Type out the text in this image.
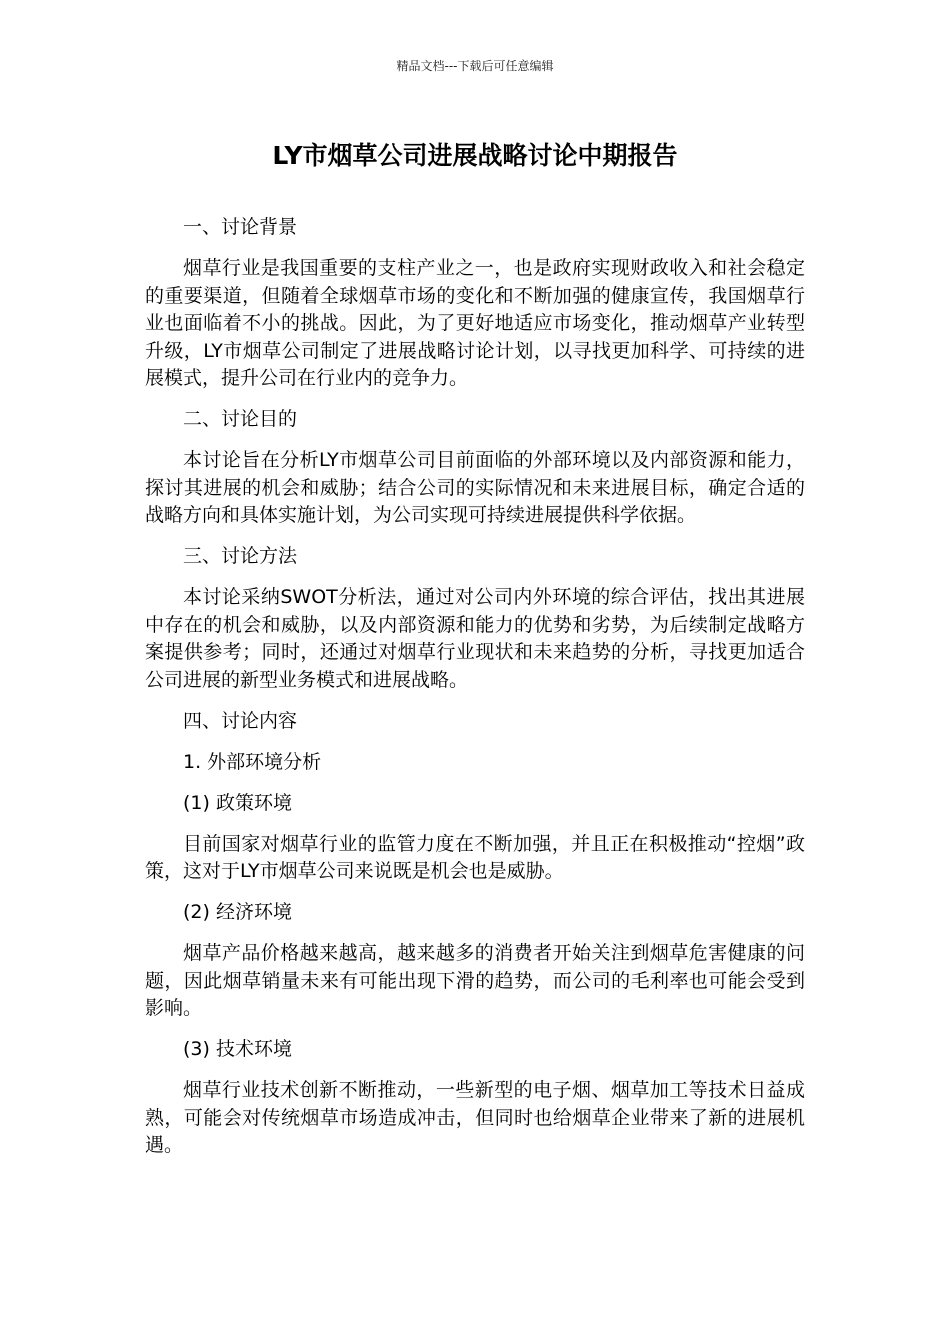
精品文档---下载后可任意编辑
LY市烟草公司进展战略讨论中期报告

一、讨论背景

烟草行业是我国重要的支柱产业之一，也是政府实现财政收入和社会稳定的重要渠道，但随着全球烟草市场的变化和不断加强的健康宣传，我国烟草行业也面临着不小的挑战。因此，为了更好地适应市场变化，推动烟草产业转型升级，LY市烟草公司制定了进展战略讨论计划，以寻找更加科学、可持续的进展模式，提升公司在行业内的竞争力。

二、讨论目的

本讨论旨在分析LY市烟草公司目前面临的外部环境以及内部资源和能力，探讨其进展的机会和威胁；结合公司的实际情况和未来进展目标，确定合适的战略方向和具体实施计划，为公司实现可持续进展提供科学依据。

三、讨论方法

本讨论采纳SWOT分析法，通过对公司内外环境的综合评估，找出其进展中存在的机会和威胁，以及内部资源和能力的优势和劣势，为后续制定战略方案提供参考；同时，还通过对烟草行业现状和未来趋势的分析，寻找更加适合公司进展的新型业务模式和进展战略。

四、讨论内容

1. 外部环境分析

(1) 政策环境

目前国家对烟草行业的监管力度在不断加强，并且正在积极推动“控烟”政策，这对于LY市烟草公司来说既是机会也是威胁。

(2) 经济环境

烟草产品价格越来越高，越来越多的消费者开始关注到烟草危害健康的问题，因此烟草销量未来有可能出现下滑的趋势，而公司的毛利率也可能会受到影响。

(3) 技术环境

烟草行业技术创新不断推动，一些新型的电子烟、烟草加工等技术日益成熟，可能会对传统烟草市场造成冲击，但同时也给烟草企业带来了新的进展机遇。
